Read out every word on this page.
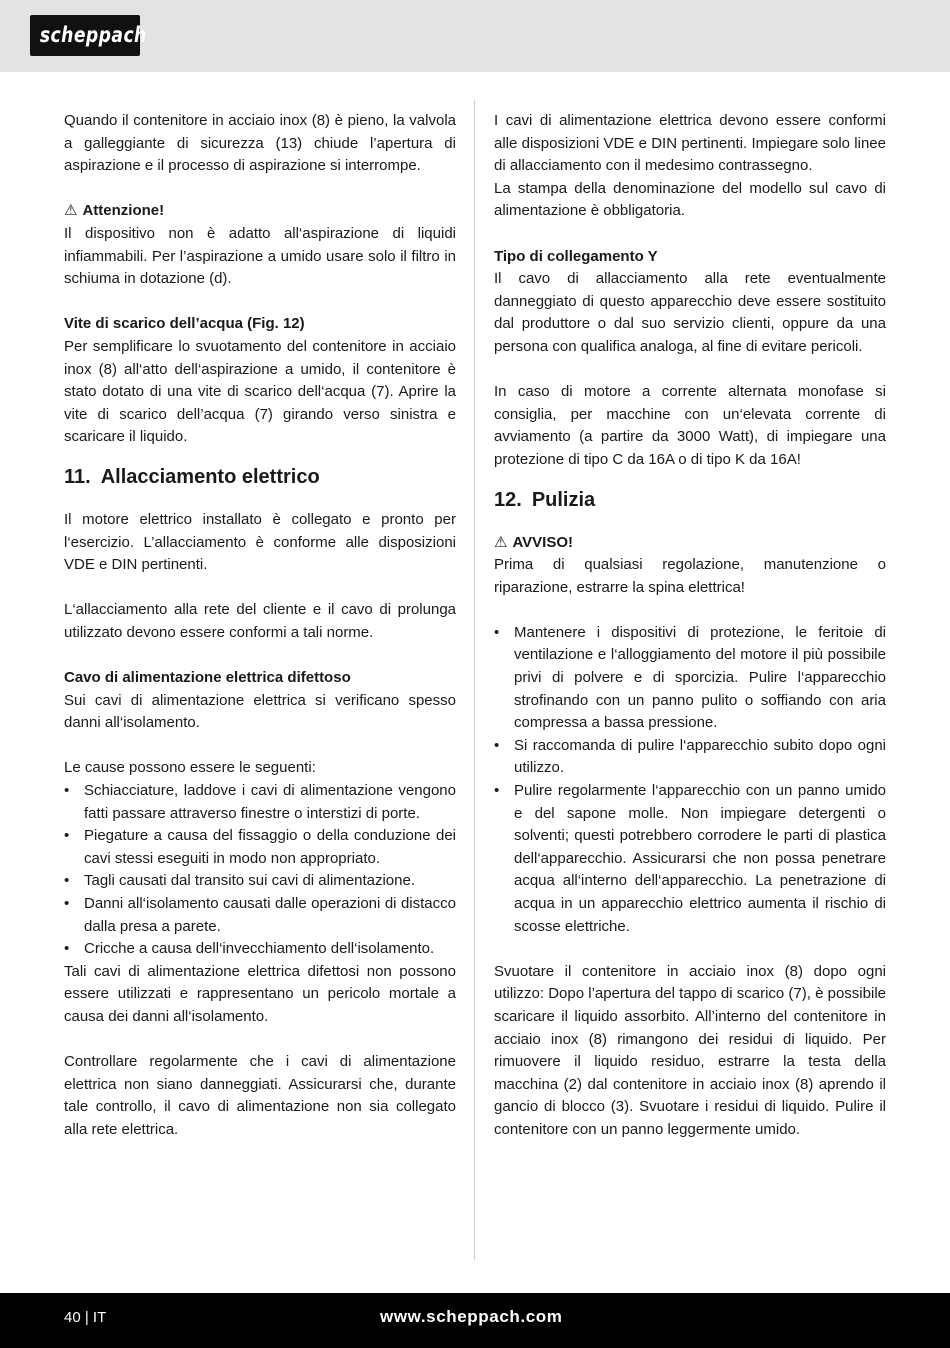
scheppach

Quando il contenitore in acciaio inox (8) è pieno, la valvola a galleggiante di sicurezza (13) chiude l’apertura di aspirazione e il processo di aspirazione si interrompe.

⚠ Attenzione!

Il dispositivo non è adatto all‘aspirazione di liquidi infiammabili. Per l’aspirazione a umido usare solo il filtro in schiuma in dotazione (d).

Vite di scarico dell’acqua (Fig. 12)

Per semplificare lo svuotamento del contenitore in acciaio inox (8) all‘atto dell‘aspirazione a umido, il contenitore è stato dotato di una vite di scarico dell‘acqua (7). Aprire la vite di scarico dell’acqua (7) girando verso sinistra e scaricare il liquido.

11. Allacciamento elettrico

Il motore elettrico installato è collegato e pronto per l‘esercizio. L’allacciamento è conforme alle disposizioni VDE e DIN pertinenti.

L‘allacciamento alla rete del cliente e il cavo di prolunga utilizzato devono essere conformi a tali norme.

Cavo di alimentazione elettrica difettoso

Sui cavi di alimentazione elettrica si verificano spesso danni all‘isolamento.

Le cause possono essere le seguenti:

• Schiacciature, laddove i cavi di alimentazione vengono fatti passare attraverso finestre o interstizi di porte.
• Piegature a causa del fissaggio o della conduzione dei cavi stessi eseguiti in modo non appropriato.
• Tagli causati dal transito sui cavi di alimentazione.
• Danni all‘isolamento causati dalle operazioni di distacco dalla presa a parete.
• Cricche a causa dell‘invecchiamento dell‘isolamento.

Tali cavi di alimentazione elettrica difettosi non possono essere utilizzati e rappresentano un pericolo mortale a causa dei danni all‘isolamento.

Controllare regolarmente che i cavi di alimentazione elettrica non siano danneggiati. Assicurarsi che, durante tale controllo, il cavo di alimentazione non sia collegato alla rete elettrica.

I cavi di alimentazione elettrica devono essere conformi alle disposizioni VDE e DIN pertinenti. Impiegare solo linee di allacciamento con il medesimo contrassegno.

La stampa della denominazione del modello sul cavo di alimentazione è obbligatoria.

Tipo di collegamento Y

Il cavo di allacciamento alla rete eventualmente danneggiato di questo apparecchio deve essere sostituito dal produttore o dal suo servizio clienti, oppure da una persona con qualifica analoga, al fine di evitare pericoli.

In caso di motore a corrente alternata monofase si consiglia, per macchine con un‘elevata corrente di avviamento (a partire da 3000 Watt), di impiegare una protezione di tipo C da 16A o di tipo K da 16A!

12. Pulizia

⚠ AVVISO!

Prima di qualsiasi regolazione, manutenzione o riparazione, estrarre la spina elettrica!

• Mantenere i dispositivi di protezione, le feritoie di ventilazione e l‘alloggiamento del motore il più possibile privi di polvere e di sporcizia. Pulire l‘apparecchio strofinando con un panno pulito o soffiando con aria compressa a bassa pressione.
• Si raccomanda di pulire l‘apparecchio subito dopo ogni utilizzo.
• Pulire regolarmente l‘apparecchio con un panno umido e del sapone molle. Non impiegare detergenti o solventi; questi potrebbero corrodere le parti di plastica dell‘apparecchio. Assicurarsi che non possa penetrare acqua all‘interno dell‘apparecchio. La penetrazione di acqua in un apparecchio elettrico aumenta il rischio di scosse elettriche.

Svuotare il contenitore in acciaio inox (8) dopo ogni utilizzo: Dopo l’apertura del tappo di scarico (7), è possibile scaricare il liquido assorbito. All’interno del contenitore in acciaio inox (8) rimangono dei residui di liquido. Per rimuovere il liquido residuo, estrarre la testa della macchina (2) dal contenitore in acciaio inox (8) aprendo il gancio di blocco (3). Svuotare i residui di liquido. Pulire il contenitore con un panno leggermente umido.

40 | IT	www.scheppach.com
